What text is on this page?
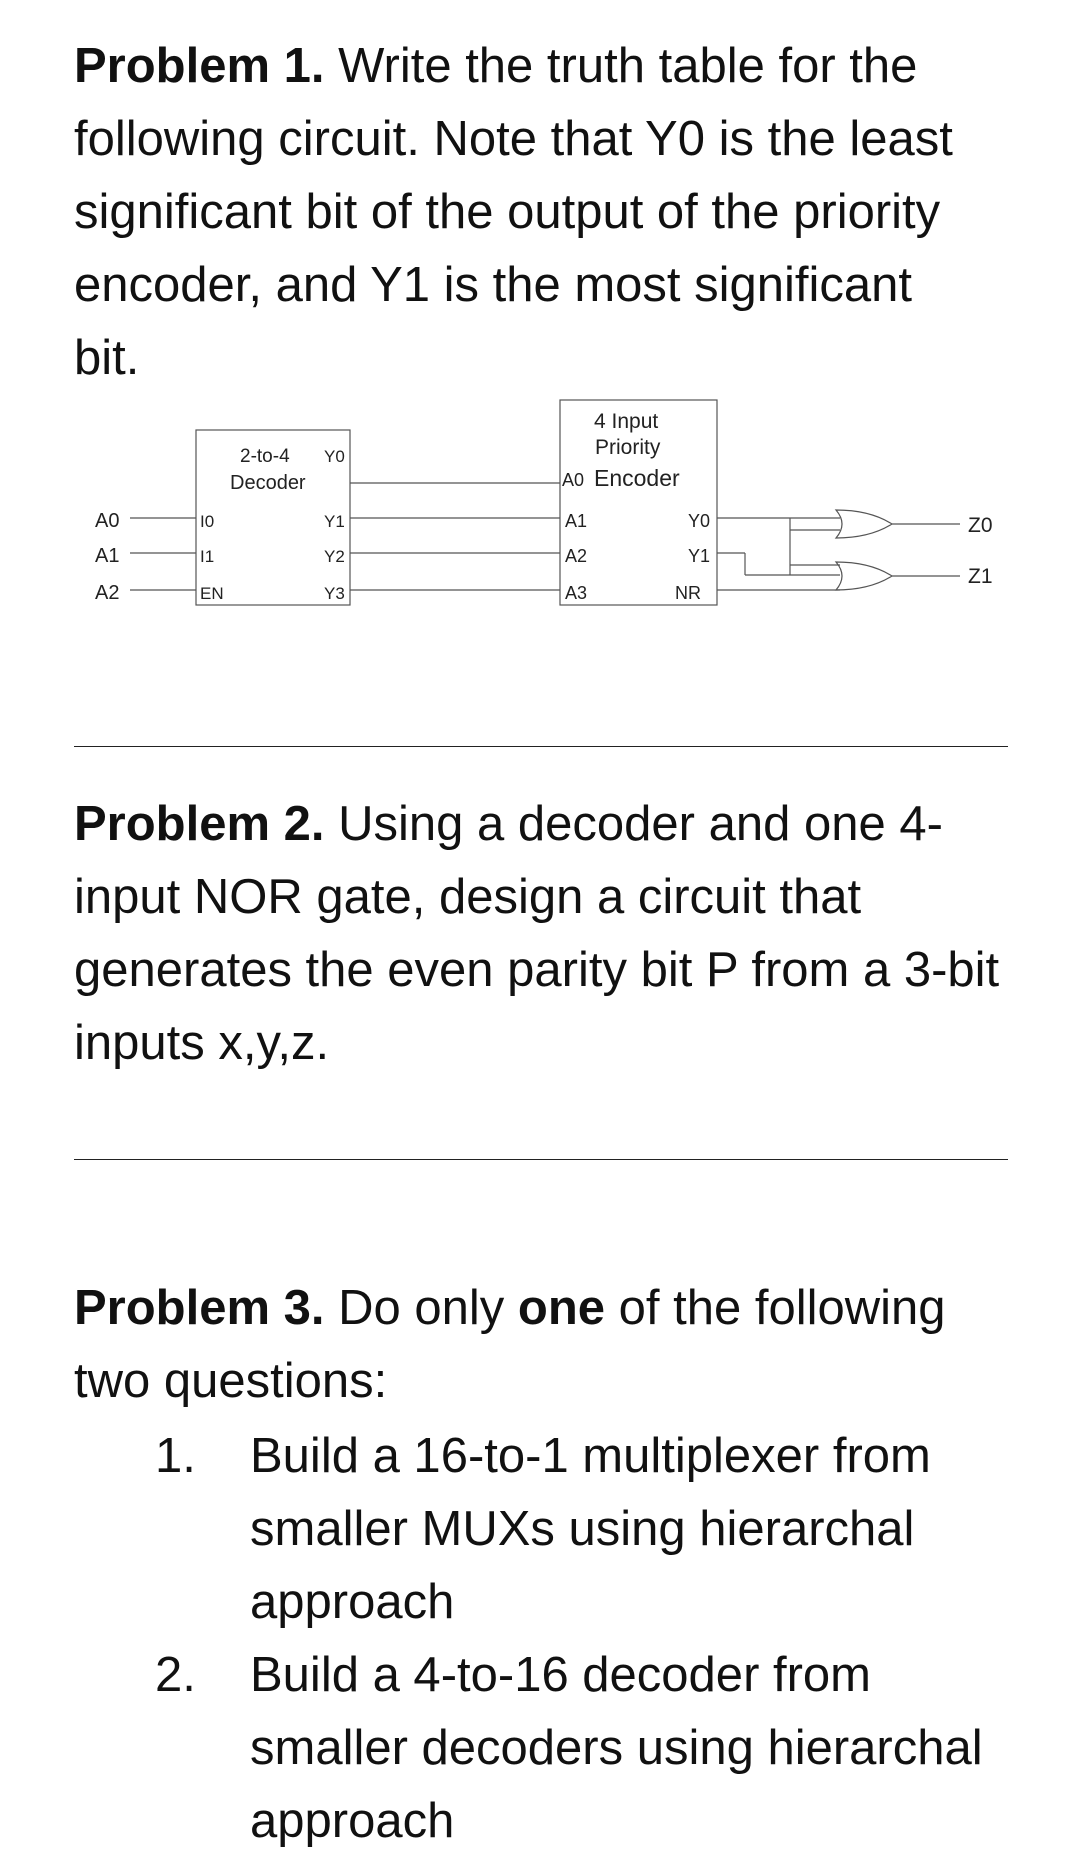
Problem 1. Write the truth table for the following circuit. Note that Y0 is the least significant bit of the output of the priority encoder, and Y1 is the most significant bit.

A0
A1
A2
2-to-4
Decoder
I0
I1
EN
Y0
Y1
Y2
Y3
4 Input
Priority
Encoder
A0
A1
A2
A3
Y0
Y1
NR
Z0
Z1

Problem 2. Using a decoder and one 4-input NOR gate, design a circuit that generates the even parity bit P from a 3-bit inputs x,y,z.

Problem 3. Do only one of the following two questions:

1. Build a 16-to-1 multiplexer from smaller MUXs using hierarchal approach
2. Build a 4-to-16 decoder from smaller decoders using hierarchal approach
